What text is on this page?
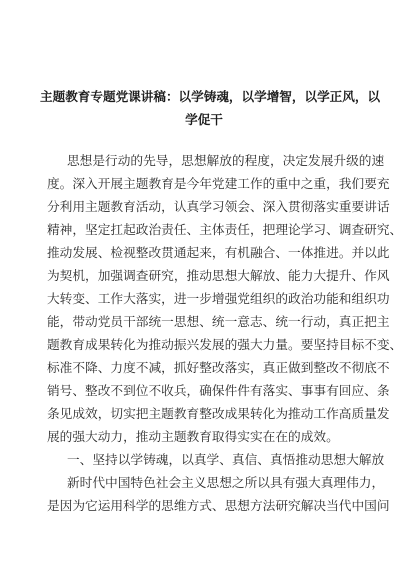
主题教育专题党课讲稿：以学铸魂，以学增智，以学正风，以
学促干
思想是行动的先导，思想解放的程度，决定发展升级的速
度。深入开展主题教育是今年党建工作的重中之重，我们要充
分利用主题教育活动，认真学习领会、深入贯彻落实重要讲话
精神，坚定扛起政治责任、主体责任，把理论学习、调查研究、
推动发展、检视整改贯通起来，有机融合、一体推进。并以此
为契机，加强调查研究，推动思想大解放、能力大提升、作风
大转变、工作大落实，进一步增强党组织的政治功能和组织功
能，带动党员干部统一思想、统一意志、统一行动，真正把主
题教育成果转化为推动振兴发展的强大力量。要坚持目标不变、
标准不降、力度不减，抓好整改落实，真正做到整改不彻底不
销号、整改不到位不收兵，确保件件有落实、事事有回应、条
条见成效，切实把主题教育整改成果转化为推动工作高质量发
展的强大动力，推动主题教育取得实实在在的成效。
一、坚持以学铸魂，以真学、真信、真悟推动思想大解放
新时代中国特色社会主义思想之所以具有强大真理伟力，
是因为它运用科学的思维方式、思想方法研究解决当代中国问
